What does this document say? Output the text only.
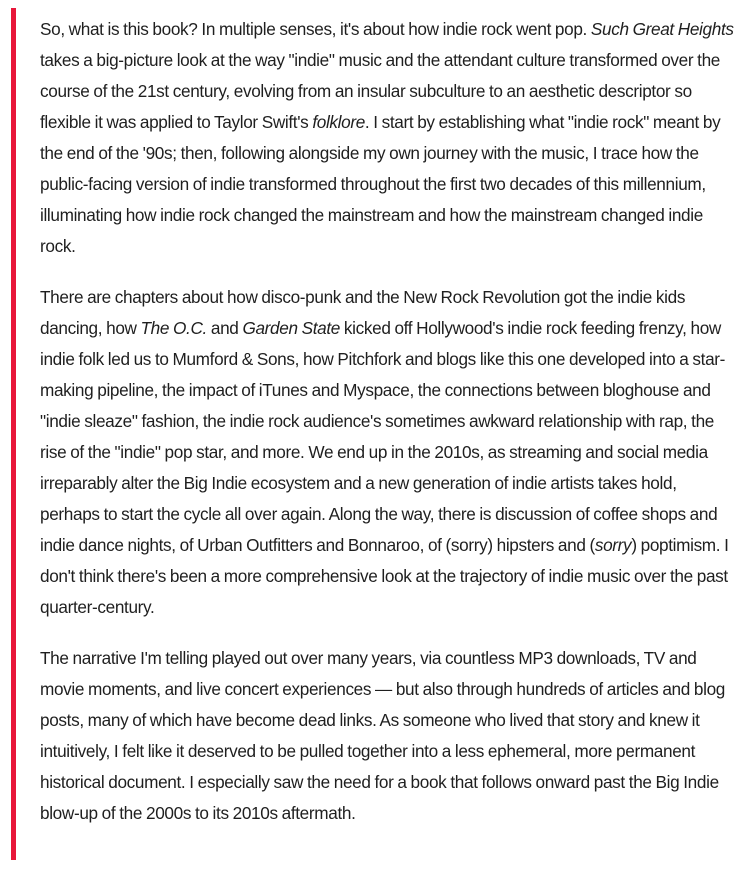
So, what is this book? In multiple senses, it's about how indie rock went pop. Such Great Heights takes a big-picture look at the way "indie" music and the attendant culture transformed over the course of the 21st century, evolving from an insular subculture to an aesthetic descriptor so flexible it was applied to Taylor Swift's folklore. I start by establishing what "indie rock" meant by the end of the '90s; then, following alongside my own journey with the music, I trace how the public-facing version of indie transformed throughout the first two decades of this millennium, illuminating how indie rock changed the mainstream and how the mainstream changed indie rock.

There are chapters about how disco-punk and the New Rock Revolution got the indie kids dancing, how The O.C. and Garden State kicked off Hollywood's indie rock feeding frenzy, how indie folk led us to Mumford & Sons, how Pitchfork and blogs like this one developed into a star-making pipeline, the impact of iTunes and Myspace, the connections between bloghouse and "indie sleaze" fashion, the indie rock audience's sometimes awkward relationship with rap, the rise of the "indie" pop star, and more. We end up in the 2010s, as streaming and social media irreparably alter the Big Indie ecosystem and a new generation of indie artists takes hold, perhaps to start the cycle all over again. Along the way, there is discussion of coffee shops and indie dance nights, of Urban Outfitters and Bonnaroo, of (sorry) hipsters and (sorry) poptimism. I don't think there's been a more comprehensive look at the trajectory of indie music over the past quarter-century.

The narrative I'm telling played out over many years, via countless MP3 downloads, TV and movie moments, and live concert experiences — but also through hundreds of articles and blog posts, many of which have become dead links. As someone who lived that story and knew it intuitively, I felt like it deserved to be pulled together into a less ephemeral, more permanent historical document. I especially saw the need for a book that follows onward past the Big Indie blow-up of the 2000s to its 2010s aftermath.
